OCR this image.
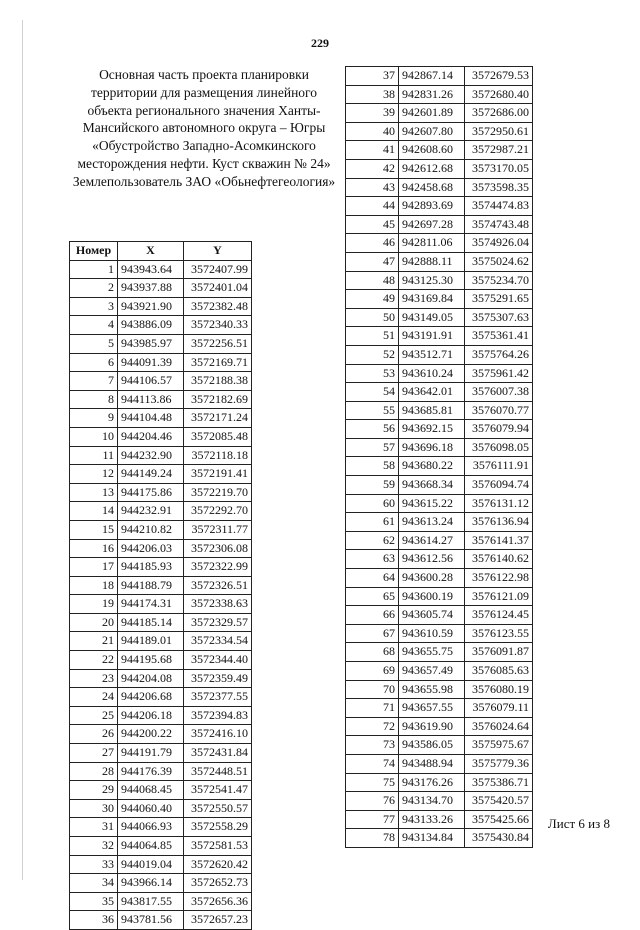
229
Основная часть проекта планировки территории для размещения линейного объекта регионального значения Ханты-Мансийского автономного округа – Югры «Обустройство Западно-Асомкинского месторождения нефти. Куст скважин № 24» Землепользователь ЗАО «Обьнефтегеология»
Номер	X	Y
1	943943.64	3572407.99
2	943937.88	3572401.04
3	943921.90	3572382.48
4	943886.09	3572340.33
5	943985.97	3572256.51
6	944091.39	3572169.71
7	944106.57	3572188.38
8	944113.86	3572182.69
9	944104.48	3572171.24
10	944204.46	3572085.48
11	944232.90	3572118.18
12	944149.24	3572191.41
13	944175.86	3572219.70
14	944232.91	3572292.70
15	944210.82	3572311.77
16	944206.03	3572306.08
17	944185.93	3572322.99
18	944188.79	3572326.51
19	944174.31	3572338.63
20	944185.14	3572329.57
21	944189.01	3572334.54
22	944195.68	3572344.40
23	944204.08	3572359.49
24	944206.68	3572377.55
25	944206.18	3572394.83
26	944200.22	3572416.10
27	944191.79	3572431.84
28	944176.39	3572448.51
29	944068.45	3572541.47
30	944060.40	3572550.57
31	944066.93	3572558.29
32	944064.85	3572581.53
33	944019.04	3572620.42
34	943966.14	3572652.73
35	943817.55	3572656.36
36	943781.56	3572657.23
37	942867.14	3572679.53
38	942831.26	3572680.40
39	942601.89	3572686.00
40	942607.80	3572950.61
41	942608.60	3572987.21
42	942612.68	3573170.05
43	942458.68	3573598.35
44	942893.69	3574474.83
45	942697.28	3574743.48
46	942811.06	3574926.04
47	942888.11	3575024.62
48	943125.30	3575234.70
49	943169.84	3575291.65
50	943149.05	3575307.63
51	943191.91	3575361.41
52	943512.71	3575764.26
53	943610.24	3575961.42
54	943642.01	3576007.38
55	943685.81	3576070.77
56	943692.15	3576079.94
57	943696.18	3576098.05
58	943680.22	3576111.91
59	943668.34	3576094.74
60	943615.22	3576131.12
61	943613.24	3576136.94
62	943614.27	3576141.37
63	943612.56	3576140.62
64	943600.28	3576122.98
65	943600.19	3576121.09
66	943605.74	3576124.45
67	943610.59	3576123.55
68	943655.75	3576091.87
69	943657.49	3576085.63
70	943655.98	3576080.19
71	943657.55	3576079.11
72	943619.90	3576024.64
73	943586.05	3575975.67
74	943488.94	3575779.36
75	943176.26	3575386.71
76	943134.70	3575420.57
77	943133.26	3575425.66
78	943134.84	3575430.84
Лист 6 из 8
